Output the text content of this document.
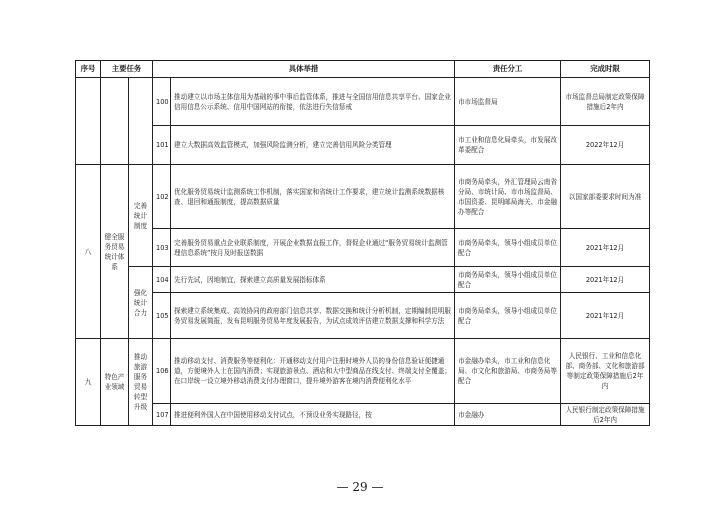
序号	主要任务		具体举措		责任分工	完成时限
			100	推动建立以市场主体信用为基础的事中事后监管体系，推进与全国信用信息共享平台、国家企业信用信息公示系统、信用中国网站的衔接，依法进行失信惩戒	市市场监督局	市场监督总局制定政策保障措施后2年内
			101	建立大数据高效监管模式，加强风险监测分析，建立完善信用风险分类管理	市工业和信息化局牵头，市发展改革委配合	2022年12月
八	健全服务贸易统计体系	完善统计制度	102	优化服务贸易统计监测系统工作机制，落实国家和省统计工作要求，建立统计监测系统数据核查、退回和通报制度，提高数据质量	市商务局牵头，外汇管理局云南省分局、市统计局、市市场监督局、市国资委、昆明邮局海关、市金融办等配合	以国家部委要求时间为准
			103	完善服务贸易重点企业联系制度，开展企业数据直报工作，督促企业通过“服务贸易统计监测管理信息系统”按月及时报送数据	市商务局牵头，领导小组成员单位配合	2021年12月
		强化统计合力	104	先行先试，因地制宜，探索建立高质量发展指标体系	市商务局牵头，领导小组成员单位配合	2021年12月
			105	探索建立系统集成、高效协同的政府部门信息共享、数据交换和统计分析机制，定期编制昆明服务贸易发展简报，发布昆明服务贸易年度发展报告，为试点成效评估建立数据支撑和科学方法	市商务局牵头，领导小组成员单位配合	2021年12月
九	特色产业领域	推动旅游服务贸易转型升级	106	推动移动支付、消费服务等便利化：开通移动支付用户注册时境外人员的身份信息验证便捷通道，方便境外人士在国内消费；实现旅游景点、酒店和大中型商品在线支付、终端支付全覆盖；在口岸统一设立境外移动消费支付办理窗口，提升境外游客在境内消费便利化水平	市金融办牵头，市工业和信息化局、市文化和旅游局、市商务局等配合	人民银行、工业和信息化部、商务部、文化和旅游部等制定政策保障措施后2年内
			107	推进便利外国人在中国使用移动支付试点，不预设业务实现路径，按	市金融办	人民银行制定政策保障措施后2年内
— 29 —
